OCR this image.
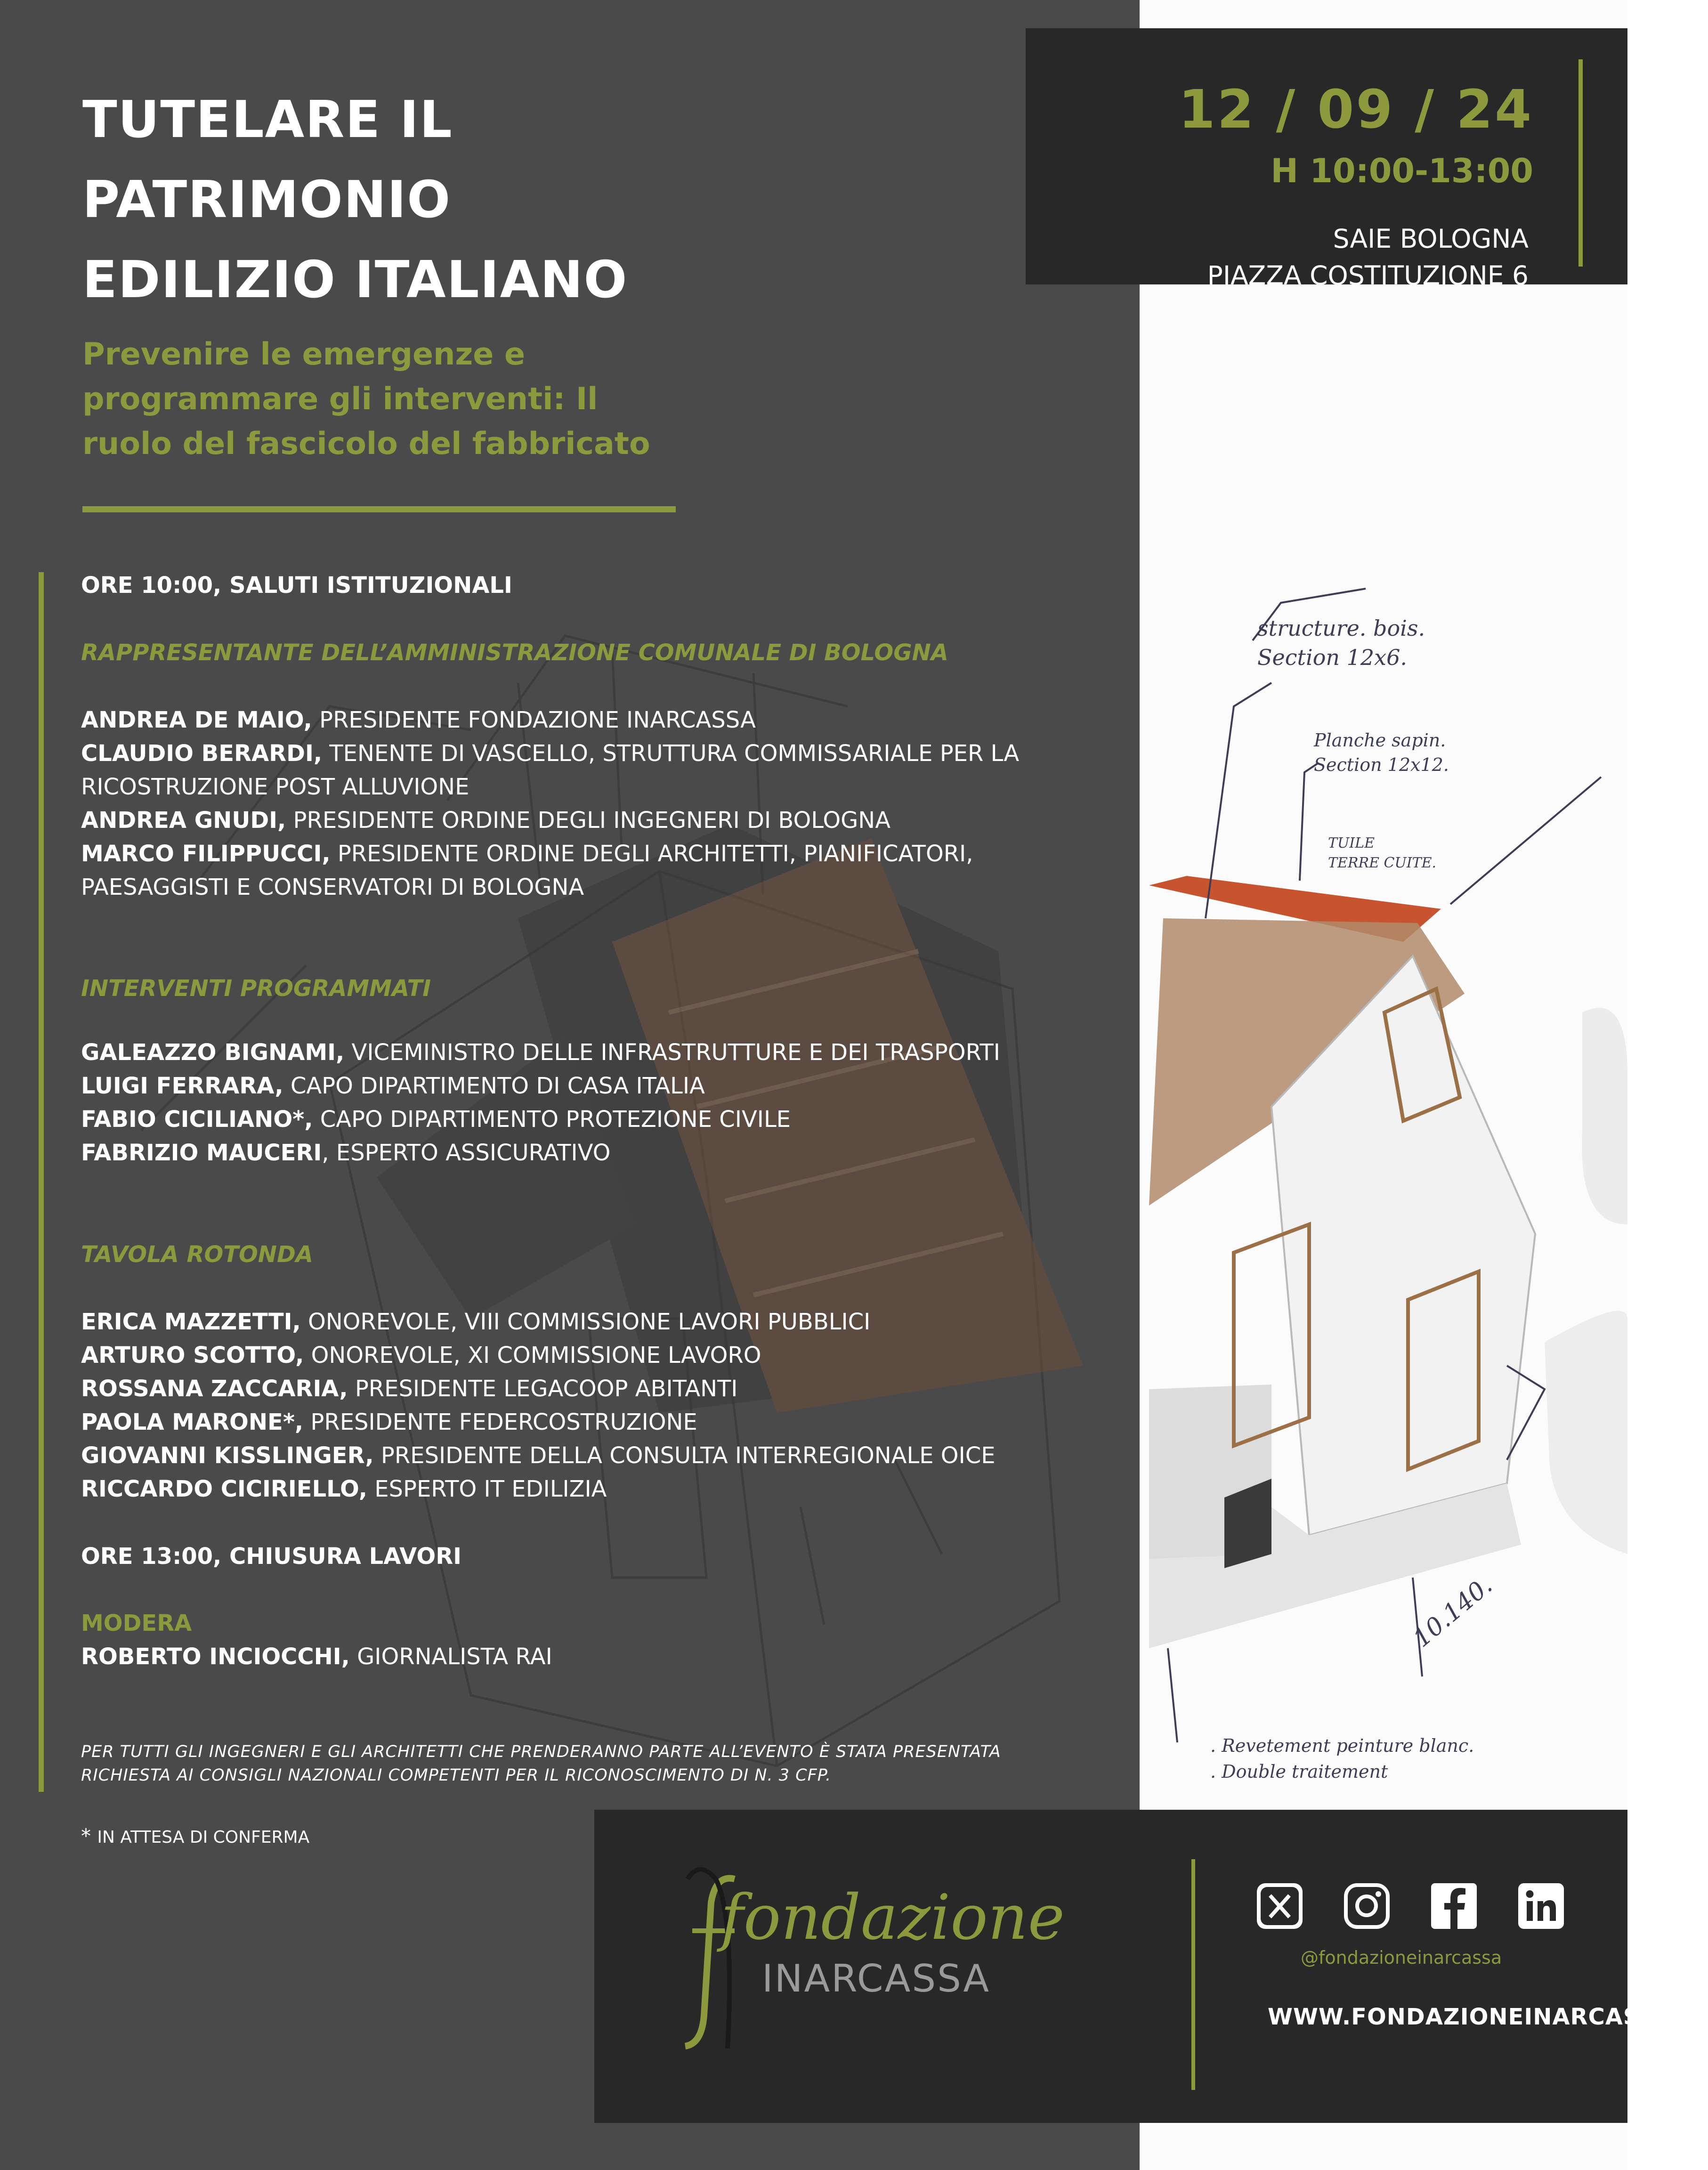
structure. bois. Section 12x6.
Planche sapin. Section 12x12.
TUILE TERRE CUITE.
10.140.
. Revetement peinture blanc. . Double traitement
TUTELARE IL
PATRIMONIO
EDILIZIO ITALIANO
Prevenire le emergenze e
programmare gli interventi: Il
ruolo del fascicolo del fabbricato
12 / 09 / 24
H 10:00-13:00
SAIE BOLOGNA
PIAZZA COSTITUZIONE 6
ORE 10:00, SALUTI ISTITUZIONALI
RAPPRESENTANTE DELL’AMMINISTRAZIONE COMUNALE DI BOLOGNA
ANDREA DE MAIO, PRESIDENTE FONDAZIONE INARCASSA
CLAUDIO BERARDI, TENENTE DI VASCELLO, STRUTTURA COMMISSARIALE PER LA
RICOSTRUZIONE POST ALLUVIONE
ANDREA GNUDI, PRESIDENTE ORDINE DEGLI INGEGNERI DI BOLOGNA
MARCO FILIPPUCCI, PRESIDENTE ORDINE DEGLI ARCHITETTI, PIANIFICATORI,
PAESAGGISTI E CONSERVATORI DI BOLOGNA
INTERVENTI PROGRAMMATI
GALEAZZO BIGNAMI, VICEMINISTRO DELLE INFRASTRUTTURE E DEI TRASPORTI
LUIGI FERRARA, CAPO DIPARTIMENTO DI CASA ITALIA
FABIO CICILIANO*, CAPO DIPARTIMENTO PROTEZIONE CIVILE
FABRIZIO MAUCERI, ESPERTO ASSICURATIVO
TAVOLA ROTONDA
ERICA MAZZETTI, ONOREVOLE, VIII COMMISSIONE LAVORI PUBBLICI
ARTURO SCOTTO, ONOREVOLE, XI COMMISSIONE LAVORO
ROSSANA ZACCARIA, PRESIDENTE LEGACOOP ABITANTI
PAOLA MARONE*, PRESIDENTE FEDERCOSTRUZIONE
GIOVANNI KISSLINGER, PRESIDENTE DELLA CONSULTA INTERREGIONALE OICE
RICCARDO CICIRIELLO, ESPERTO IT EDILIZIA
ORE 13:00, CHIUSURA LAVORI
MODERA
ROBERTO INCIOCCHI, GIORNALISTA RAI
PER TUTTI GLI INGEGNERI E GLI ARCHITETTI CHE PRENDERANNO PARTE ALL’EVENTO È STATA PRESENTATA
RICHIESTA AI CONSIGLI NAZIONALI COMPETENTI PER IL RICONOSCIMENTO DI N. 3 CFP.
* IN ATTESA DI CONFERMA
fondazione
INARCASSA	@fondazioneinarcassa
WWW.FONDAZIONEINARCASSA.IT
